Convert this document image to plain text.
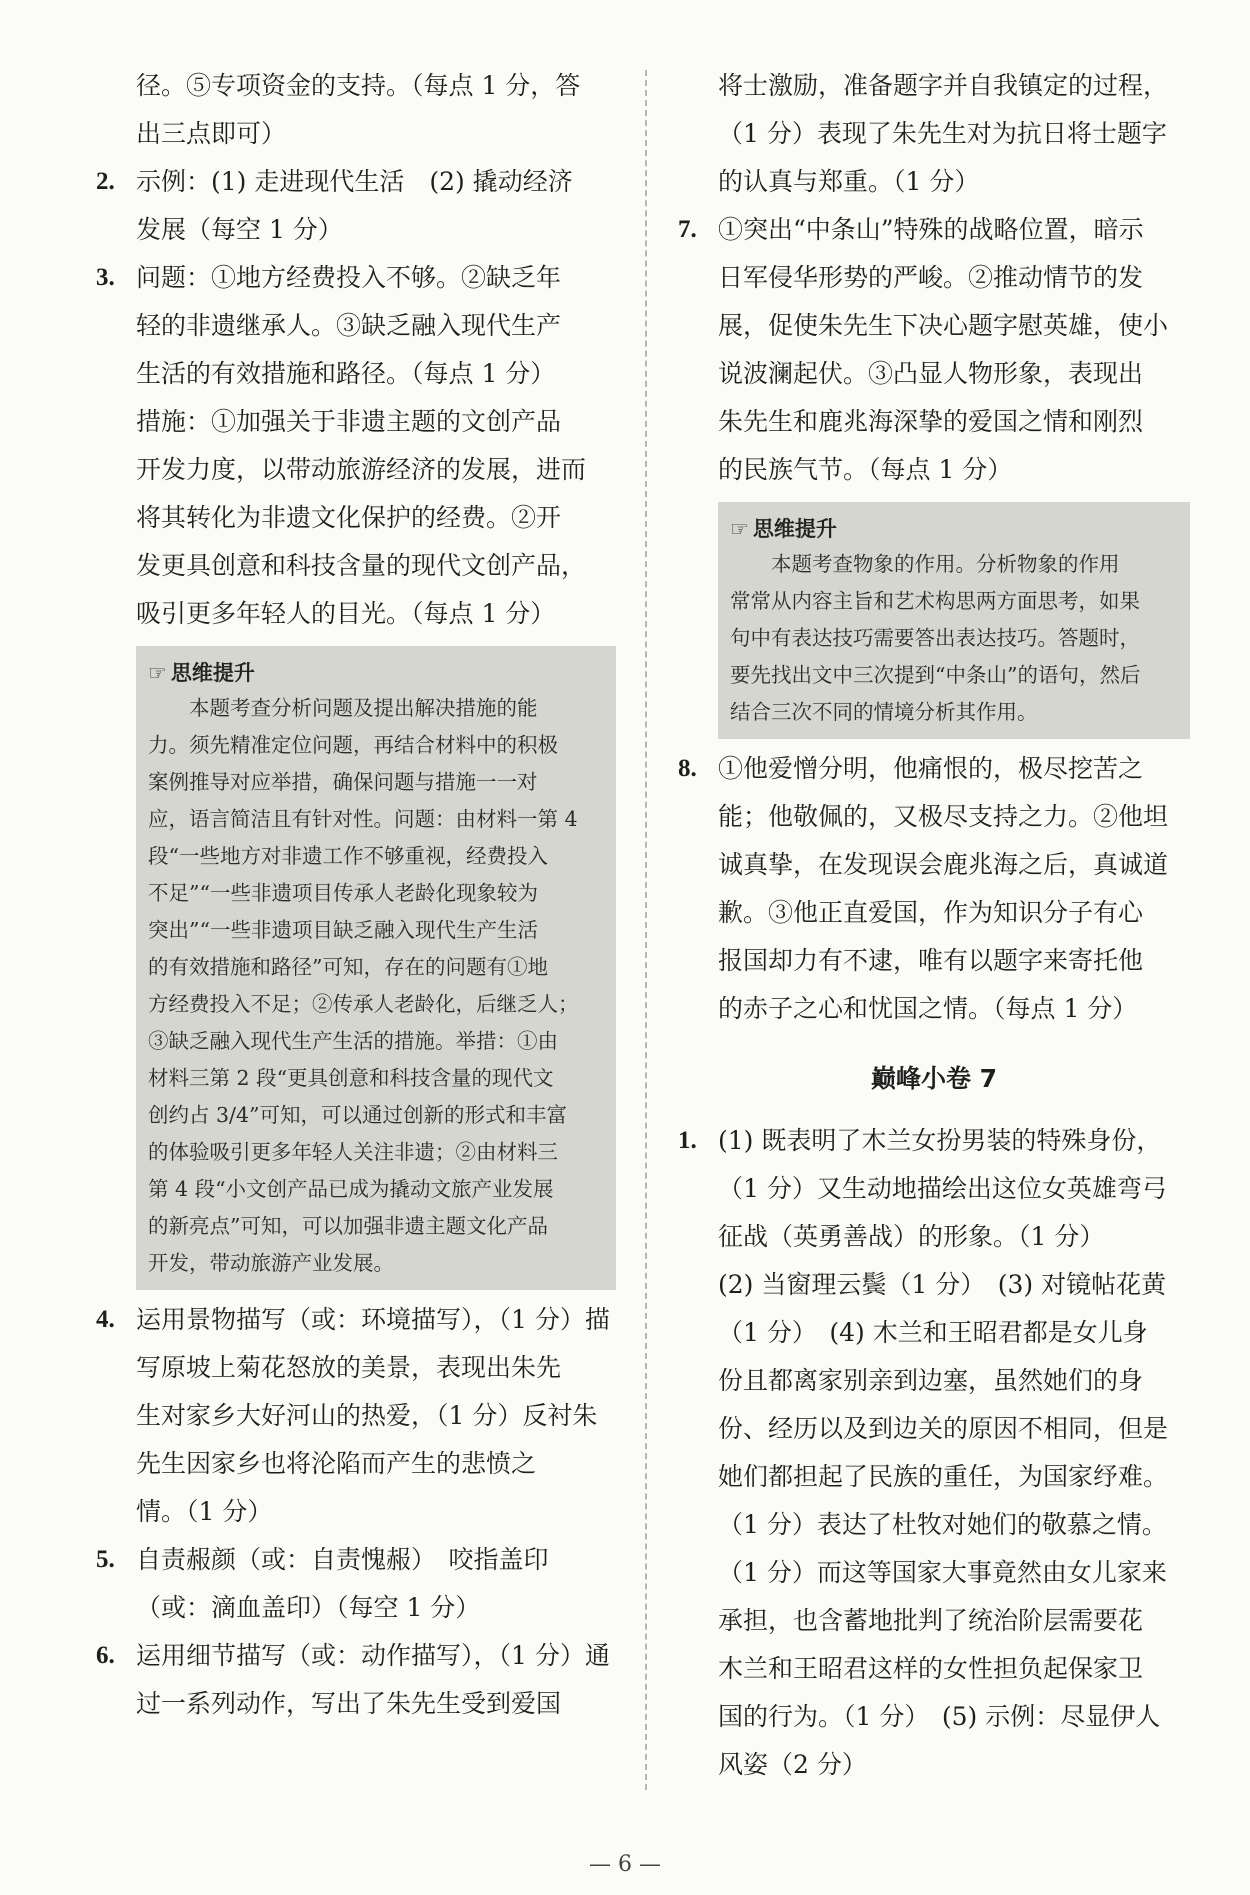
径。⑤专项资金的支持。（每点 1 分，答

出三点即可）

2. 示例：(1) 走进现代生活　(2) 撬动经济

发展（每空 1 分）

3. 问题：①地方经费投入不够。②缺乏年

轻的非遗继承人。③缺乏融入现代生产

生活的有效措施和路径。（每点 1 分）

措施：①加强关于非遗主题的文创产品

开发力度，以带动旅游经济的发展，进而

将其转化为非遗文化保护的经费。②开

发更具创意和科技含量的现代文创产品，

吸引更多年轻人的目光。（每点 1 分）

☞ 思维提升

本题考查分析问题及提出解决措施的能

力。须先精准定位问题，再结合材料中的积极

案例推导对应举措，确保问题与措施一一对

应，语言简洁且有针对性。问题：由材料一第 4

段“一些地方对非遗工作不够重视，经费投入

不足”“一些非遗项目传承人老龄化现象较为

突出”“一些非遗项目缺乏融入现代生产生活

的有效措施和路径”可知，存在的问题有①地

方经费投入不足；②传承人老龄化，后继乏人；

③缺乏融入现代生产生活的措施。举措：①由

材料三第 2 段“更具创意和科技含量的现代文

创约占 3/4”可知，可以通过创新的形式和丰富

的体验吸引更多年轻人关注非遗；②由材料三

第 4 段“小文创产品已成为撬动文旅产业发展

的新亮点”可知，可以加强非遗主题文化产品

开发，带动旅游产业发展。

4. 运用景物描写（或：环境描写），（1 分）描

写原坡上菊花怒放的美景，表现出朱先

生对家乡大好河山的热爱，（1 分）反衬朱

先生因家乡也将沦陷而产生的悲愤之

情。（1 分）

5. 自责赧颜（或：自责愧赧）　咬指盖印

（或：滴血盖印）（每空 1 分）

6. 运用细节描写（或：动作描写），（1 分）通

过一系列动作，写出了朱先生受到爱国

将士激励，准备题字并自我镇定的过程，

（1 分）表现了朱先生对为抗日将士题字

的认真与郑重。（1 分）

7. ①突出“中条山”特殊的战略位置，暗示

日军侵华形势的严峻。②推动情节的发

展，促使朱先生下决心题字慰英雄，使小

说波澜起伏。③凸显人物形象，表现出

朱先生和鹿兆海深挚的爱国之情和刚烈

的民族气节。（每点 1 分）

☞ 思维提升

本题考查物象的作用。分析物象的作用

常常从内容主旨和艺术构思两方面思考，如果

句中有表达技巧需要答出表达技巧。答题时，

要先找出文中三次提到“中条山”的语句，然后

结合三次不同的情境分析其作用。

8. ①他爱憎分明，他痛恨的，极尽挖苦之

能；他敬佩的，又极尽支持之力。②他坦

诚真挚，在发现误会鹿兆海之后，真诚道

歉。③他正直爱国，作为知识分子有心

报国却力有不逮，唯有以题字来寄托他

的赤子之心和忧国之情。（每点 1 分）

巅峰小卷 7
1. (1) 既表明了木兰女扮男装的特殊身份，

（1 分）又生动地描绘出这位女英雄弯弓

征战（英勇善战）的形象。（1 分）

(2) 当窗理云鬓（1 分）　(3) 对镜帖花黄

（1 分）　(4) 木兰和王昭君都是女儿身

份且都离家别亲到边塞，虽然她们的身

份、经历以及到边关的原因不相同，但是

她们都担起了民族的重任，为国家纾难。

（1 分）表达了杜牧对她们的敬慕之情。

（1 分）而这等国家大事竟然由女儿家来

承担，也含蓄地批判了统治阶层需要花

木兰和王昭君这样的女性担负起保家卫

国的行为。（1 分）　(5) 示例：尽显伊人

风姿（2 分）

— 6 —
